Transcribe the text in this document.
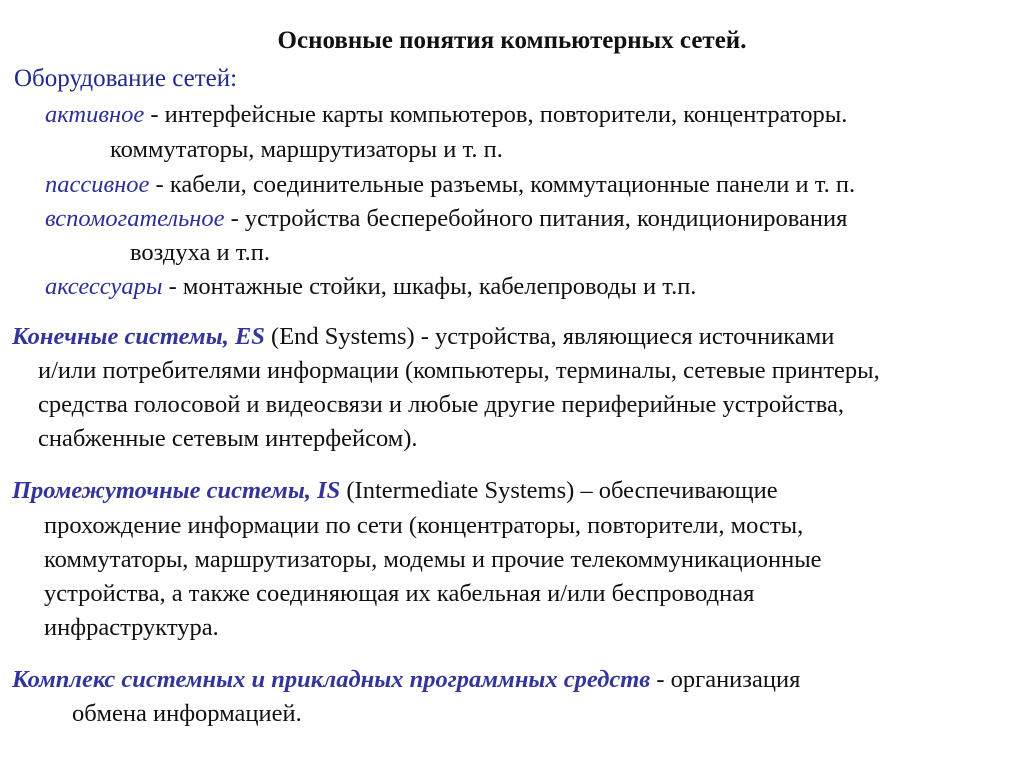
Основные понятия компьютерных сетей.
Оборудование сетей:
активное - интерфейсные карты компьютеров, повторители, концентраторы.
коммутаторы, маршрутизаторы и т. п.
пассивное - кабели, соединительные разъемы, коммутационные панели и т. п.
вспомогательное - устройства бесперебойного питания, кондиционирования
воздуха и т.п.
аксессуары - монтажные стойки, шкафы, кабелепроводы и т.п.
Конечные системы, ES (End Systems) - устройства, являющиеся источниками
и/или потребителями информации (компьютеры, терминалы, сетевые принтеры,
средства голосовой и видеосвязи и любые другие периферийные устройства,
снабженные сетевым интерфейсом).
Промежуточные системы, IS (Intermediate Systems) – обеспечивающие
прохождение информации по сети (концентраторы, повторители, мосты,
коммутаторы, маршрутизаторы, модемы и прочие телекоммуникационные
устройства, а также соединяющая их кабельная и/или беспроводная
инфраструктура.
Комплекс системных и прикладных программных средств - организация
обмена информацией.
